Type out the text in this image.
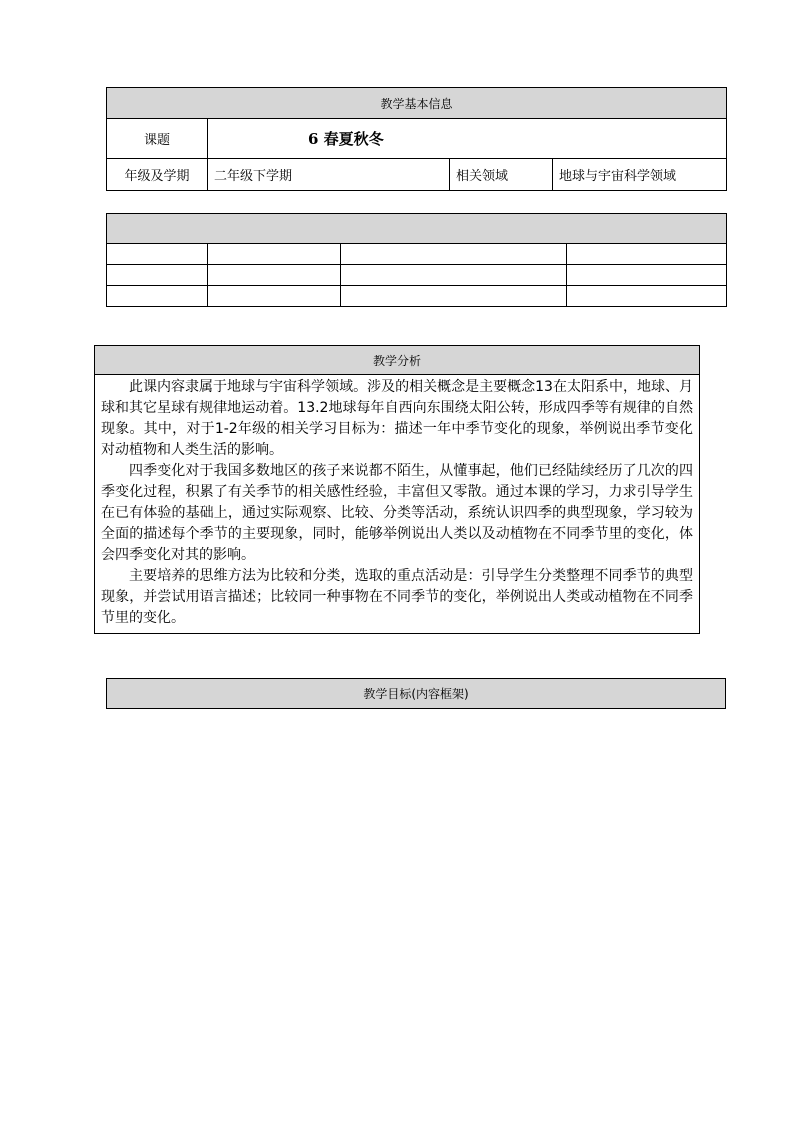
教学基本信息			
课题	6 春夏秋冬		
年级及学期	二年级下学期	相关领域	地球与宇宙科学领域

教学分析

此课内容隶属于地球与宇宙科学领域。涉及的相关概念是主要概念13在太阳系中，地球、月球和其它星球有规律地运动着。13.2地球每年自西向东围绕太阳公转，形成四季等有规律的自然现象。其中，对于1-2年级的相关学习目标为：描述一年中季节变化的现象，举例说出季节变化对动植物和人类生活的影响。

四季变化对于我国多数地区的孩子来说都不陌生，从懂事起，他们已经陆续经历了几次的四季变化过程，积累了有关季节的相关感性经验，丰富但又零散。通过本课的学习，力求引导学生在已有体验的基础上，通过实际观察、比较、分类等活动，系统认识四季的典型现象，学习较为全面的描述每个季节的主要现象，同时，能够举例说出人类以及动植物在不同季节里的变化，体会四季变化对其的影响。

主要培养的思维方法为比较和分类，选取的重点活动是：引导学生分类整理不同季节的典型现象，并尝试用语言描述；比较同一种事物在不同季节的变化，举例说出人类或动植物在不同季节里的变化。

教学目标(内容框架)
